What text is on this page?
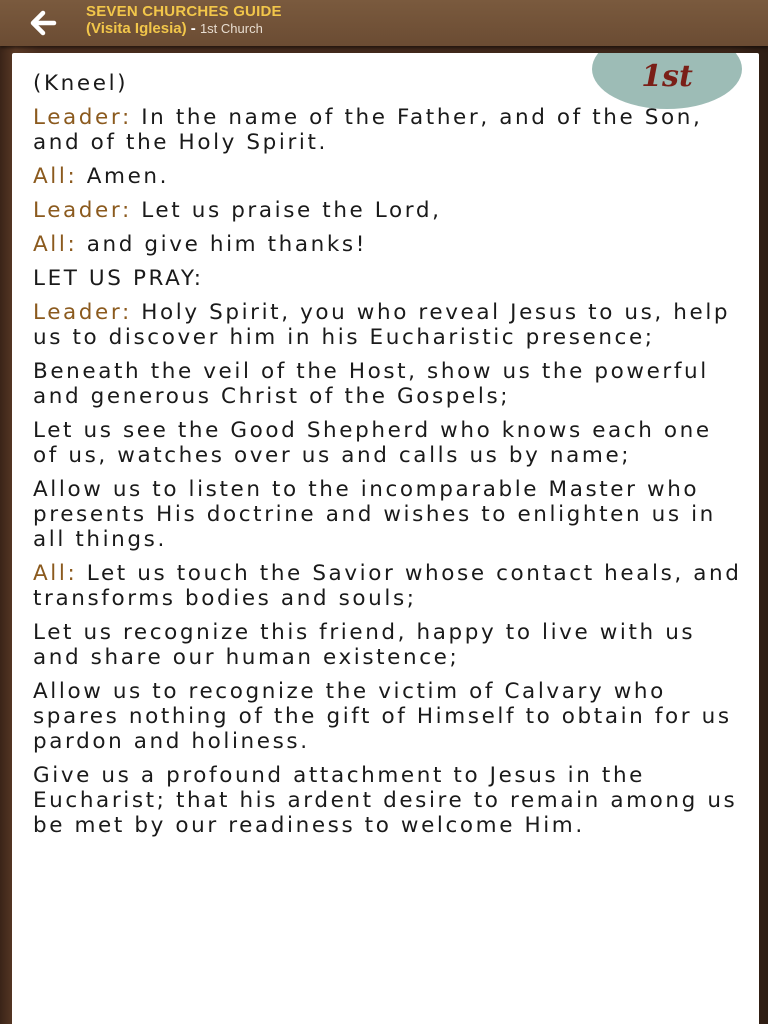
SEVEN CHURCHES GUIDE
(Visita Iglesia) - 1st Church
1st
(Kneel)
Leader: In the name of the Father, and of the Son, and of the Holy Spirit.
All: Amen.
Leader: Let us praise the Lord,
All: and give him thanks!
LET US PRAY:
Leader: Holy Spirit, you who reveal Jesus to us, help us to discover him in his Eucharistic presence;
Beneath the veil of the Host, show us the powerful and generous Christ of the Gospels;
Let us see the Good Shepherd who knows each one of us, watches over us and calls us by name;
Allow us to listen to the incomparable Master who presents His doctrine and wishes to enlighten us in all things.
All: Let us touch the Savior whose contact heals, and transforms bodies and souls;
Let us recognize this friend, happy to live with us and share our human existence;
Allow us to recognize the victim of Calvary who spares nothing of the gift of Himself to obtain for us pardon and holiness.
Give us a profound attachment to Jesus in the Eucharist; that his ardent desire to remain among us be met by our readiness to welcome Him.
